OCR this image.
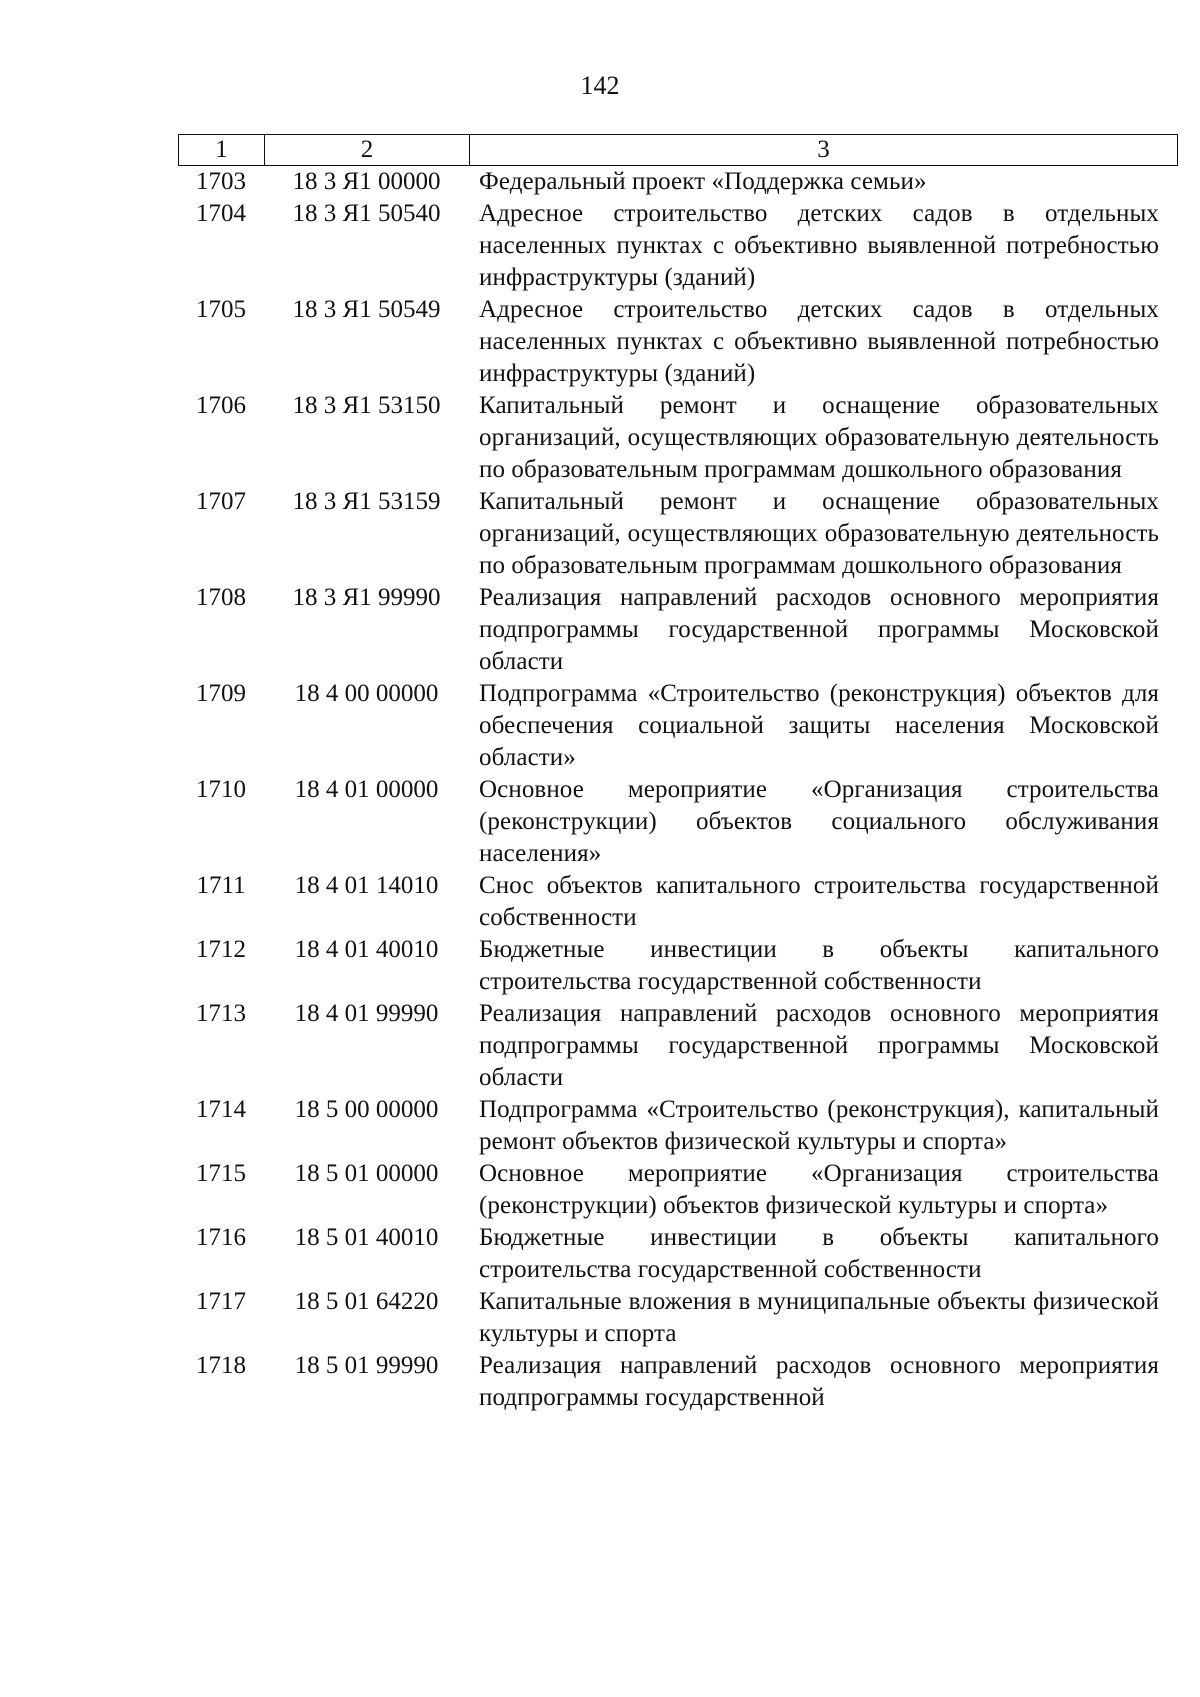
142
1	2	3
1703	18 3 Я1 00000	Федеральный проект «Поддержка семьи»
1704	18 3 Я1 50540	Адресное строительство детских садов в отдельных населенных пунктах с объективно выявленной потребностью инфраструктуры (зданий)
1705	18 3 Я1 50549	Адресное строительство детских садов в отдельных населенных пунктах с объективно выявленной потребностью инфраструктуры (зданий)
1706	18 3 Я1 53150	Капитальный ремонт и оснащение образовательных организаций, осуществляющих образовательную деятельность по образовательным программам дошкольного образования
1707	18 3 Я1 53159	Капитальный ремонт и оснащение образовательных организаций, осуществляющих образовательную деятельность по образовательным программам дошкольного образования
1708	18 3 Я1 99990	Реализация направлений расходов основного мероприятия подпрограммы государственной программы Московской области
1709	18 4 00 00000	Подпрограмма «Строительство (реконструкция) объектов для обеспечения социальной защиты населения Московской области»
1710	18 4 01 00000	Основное мероприятие «Организация строительства (реконструкции) объектов социального обслуживания населения»
1711	18 4 01 14010	Снос объектов капитального строительства государственной собственности
1712	18 4 01 40010	Бюджетные инвестиции в объекты капитального строительства государственной собственности
1713	18 4 01 99990	Реализация направлений расходов основного мероприятия подпрограммы государственной программы Московской области
1714	18 5 00 00000	Подпрограмма «Строительство (реконструкция), капитальный ремонт объектов физической культуры и спорта»
1715	18 5 01 00000	Основное мероприятие «Организация строительства (реконструкции) объектов физической культуры и спорта»
1716	18 5 01 40010	Бюджетные инвестиции в объекты капитального строительства государственной собственности
1717	18 5 01 64220	Капитальные вложения в муниципальные объекты физической культуры и спорта
1718	18 5 01 99990	Реализация направлений расходов основного мероприятия подпрограммы государственной
